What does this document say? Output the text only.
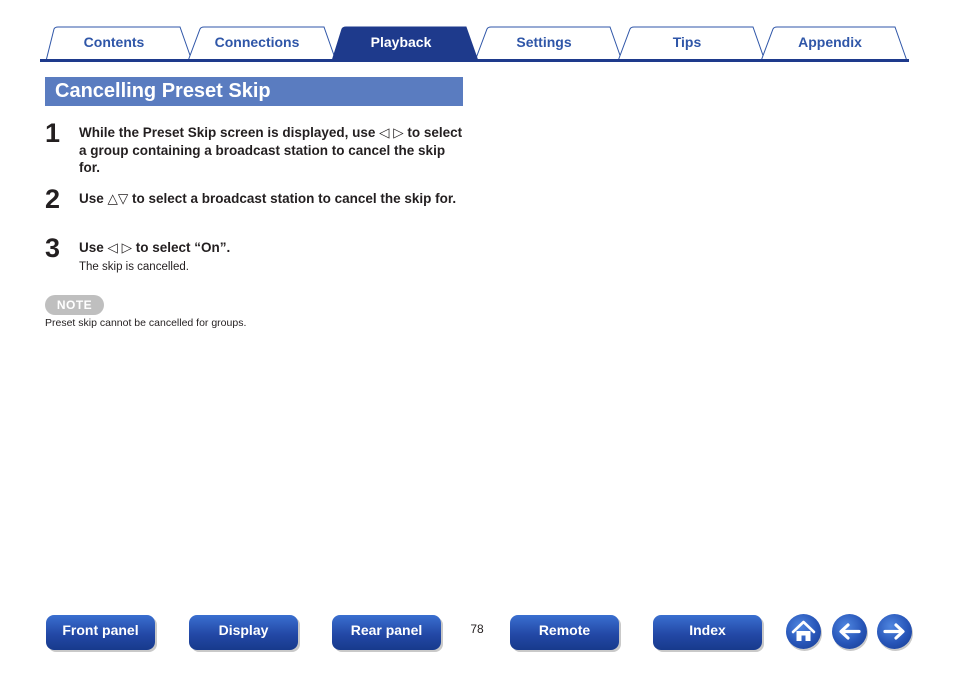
Contents	Connections	Playback	Settings	Tips	Appendix
Cancelling Preset Skip
1 While the Preset Skip screen is displayed, use ◁ ▷ to select a group containing a broadcast station to cancel the skip for.
2 Use △▽ to select a broadcast station to cancel the skip for.
3 Use ◁ ▷ to select “On”.
The skip is cancelled.
NOTE
Preset skip cannot be cancelled for groups.
Front panel	Display	Rear panel	78	Remote	Index
